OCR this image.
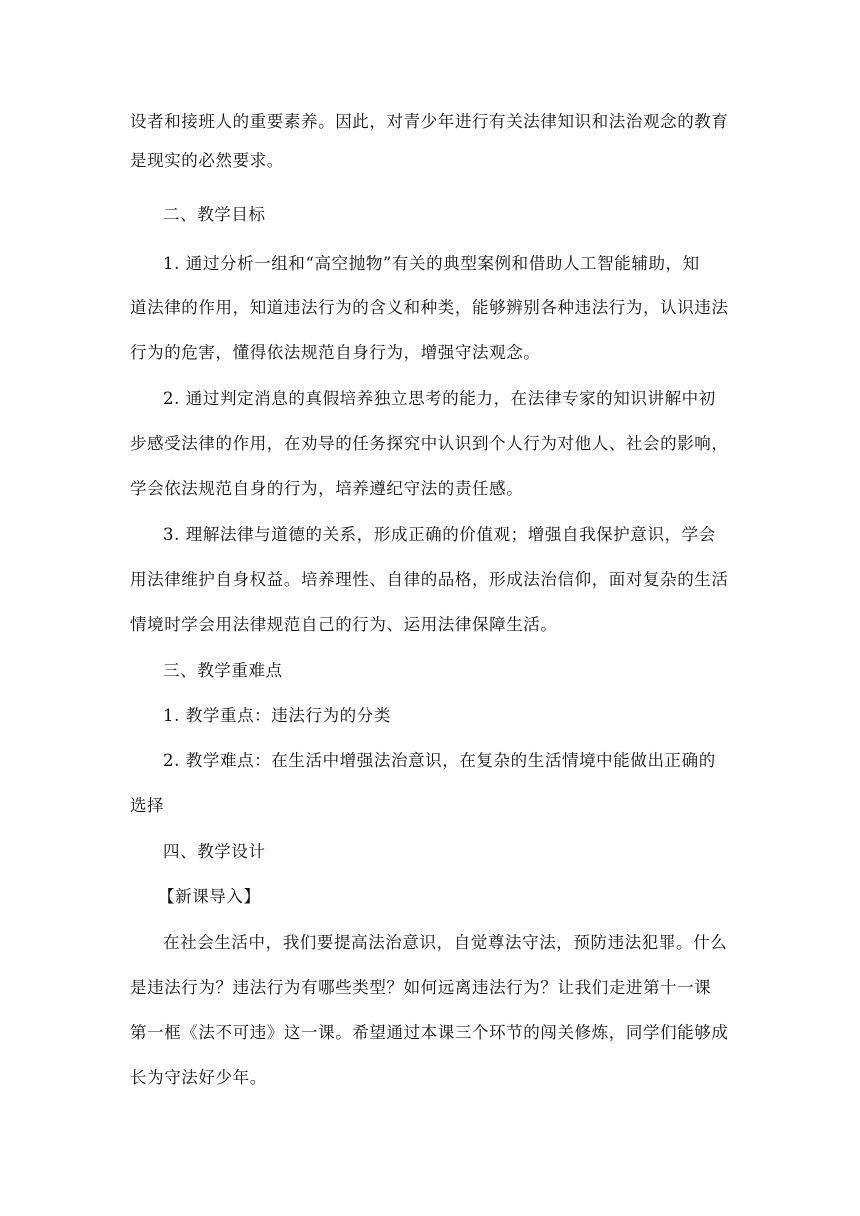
设者和接班人的重要素养。因此，对青少年进行有关法律知识和法治观念的教育
是现实的必然要求。
二、教学目标
1. 通过分析一组和“高空抛物”有关的典型案例和借助人工智能辅助，知
道法律的作用，知道违法行为的含义和种类，能够辨别各种违法行为，认识违法
行为的危害，懂得依法规范自身行为，增强守法观念。
2. 通过判定消息的真假培养独立思考的能力，在法律专家的知识讲解中初
步感受法律的作用，在劝导的任务探究中认识到个人行为对他人、社会的影响，
学会依法规范自身的行为，培养遵纪守法的责任感。
3. 理解法律与道德的关系，形成正确的价值观；增强自我保护意识，学会
用法律维护自身权益。培养理性、自律的品格，形成法治信仰，面对复杂的生活
情境时学会用法律规范自己的行为、运用法律保障生活。
三、教学重难点
1. 教学重点：违法行为的分类
2. 教学难点：在生活中增强法治意识，在复杂的生活情境中能做出正确的
选择
四、教学设计
【新课导入】
在社会生活中，我们要提高法治意识，自觉尊法守法，预防违法犯罪。什么
是违法行为？违法行为有哪些类型？如何远离违法行为？让我们走进第十一课
第一框《法不可违》这一课。希望通过本课三个环节的闯关修炼，同学们能够成
长为守法好少年。
